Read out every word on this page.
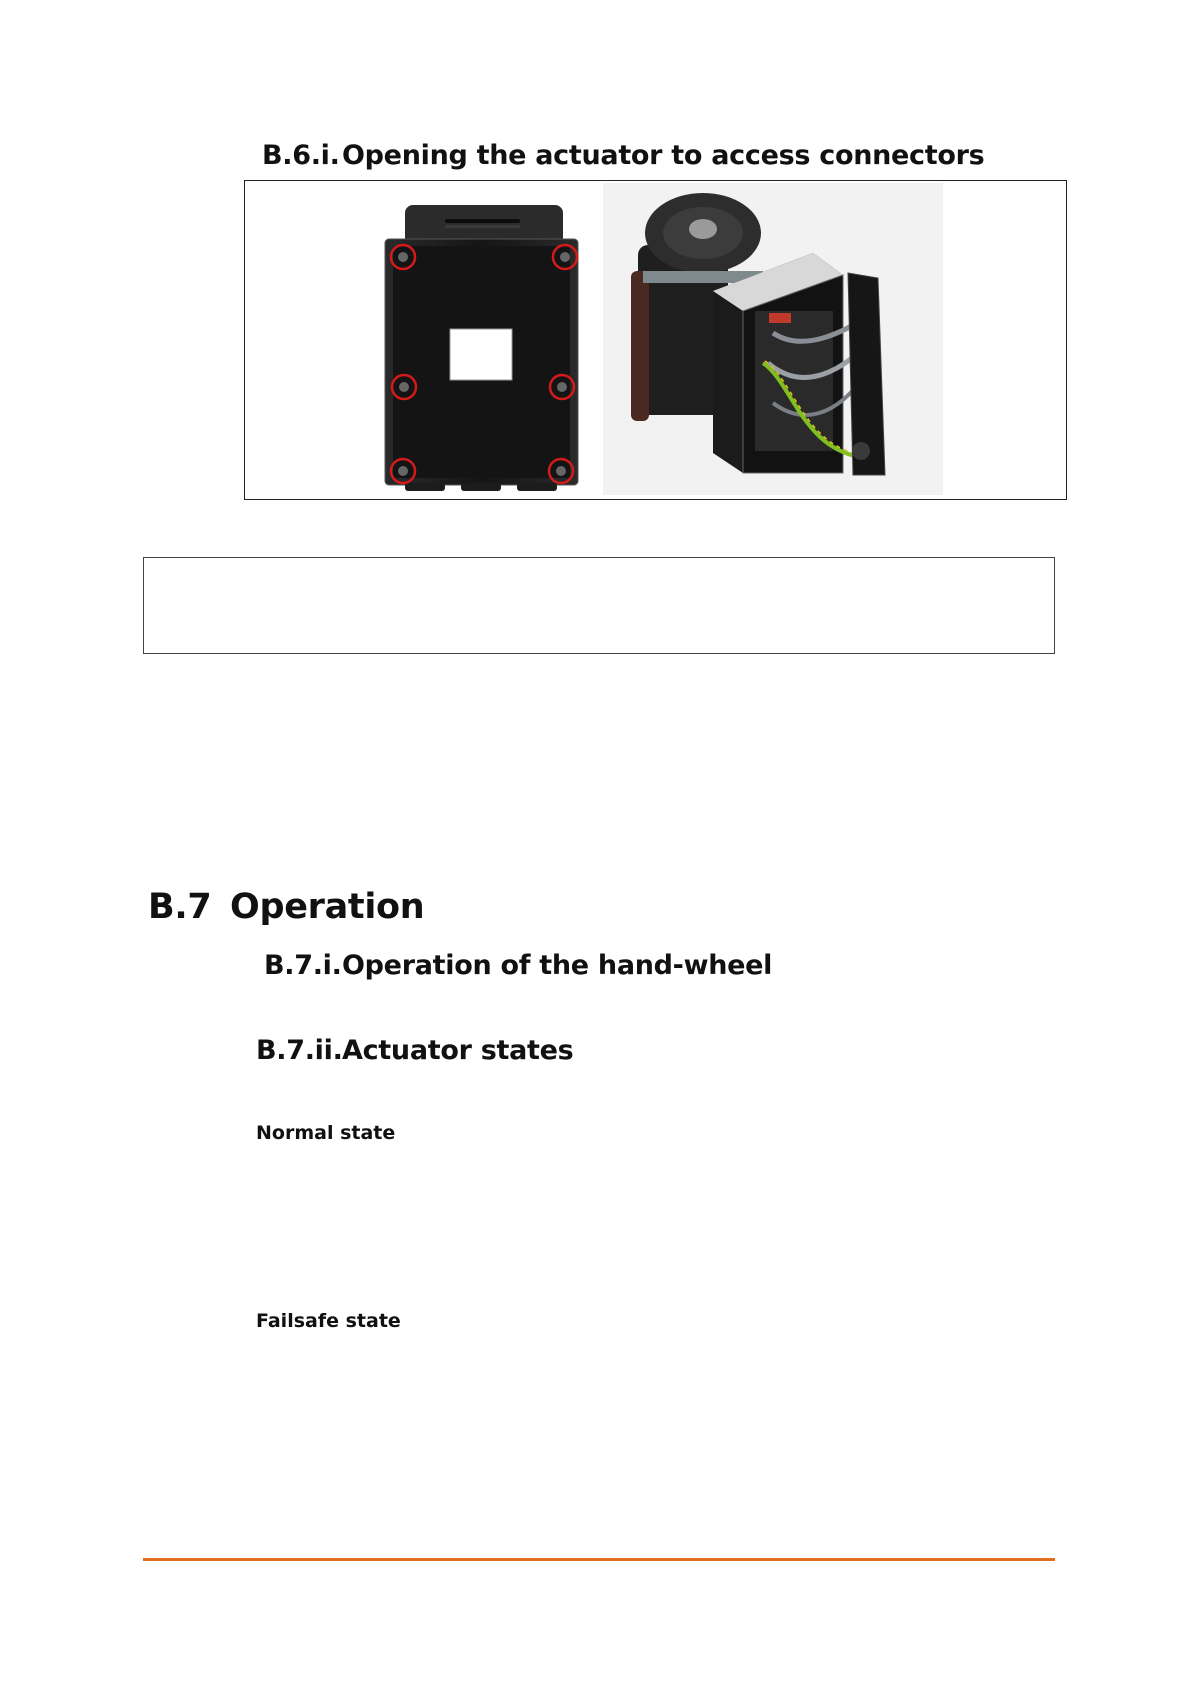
B.6.i.Opening the actuator to access connectors
B.7 Operation
B.7.i.Operation of the hand-wheel
B.7.ii.Actuator states
Normal state
Failsafe state
